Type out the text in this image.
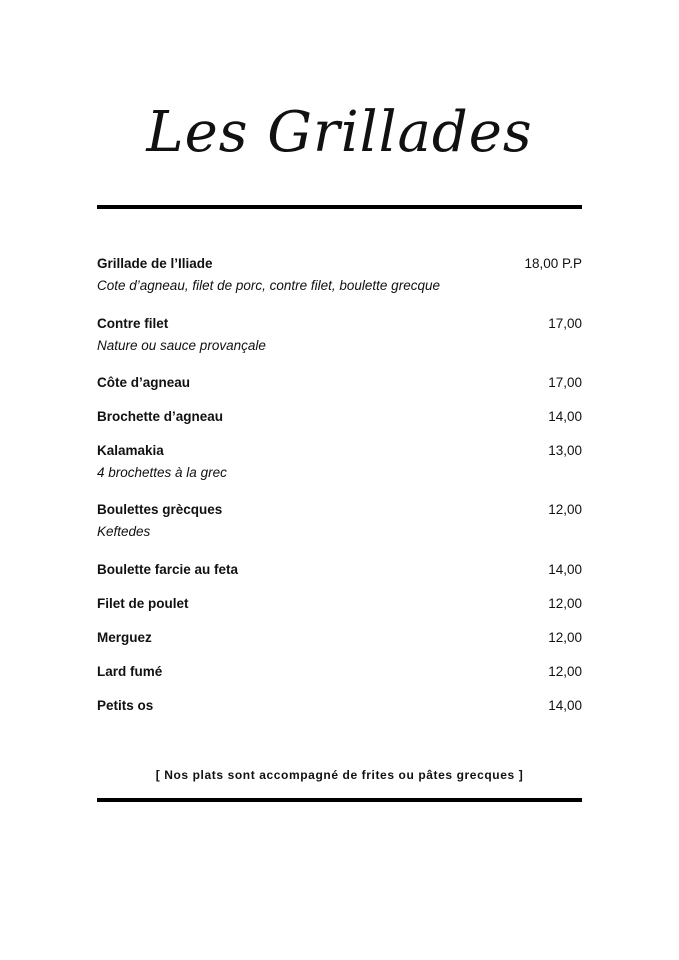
Les Grillades
Grillade de l’Iliade	18,00 P.P
Cote d’agneau, filet de porc, contre filet, boulette grecque
Contre filet	17,00
Nature ou sauce provançale
Côte d’agneau	17,00
Brochette d’agneau	14,00
Kalamakia	13,00
4 brochettes à la grec
Boulettes grècques	12,00
Keftedes
Boulette farcie au feta	14,00
Filet de poulet	12,00
Merguez	12,00
Lard fumé	12,00
Petits os	14,00
[ Nos plats sont accompagné de frites ou pâtes grecques ]
